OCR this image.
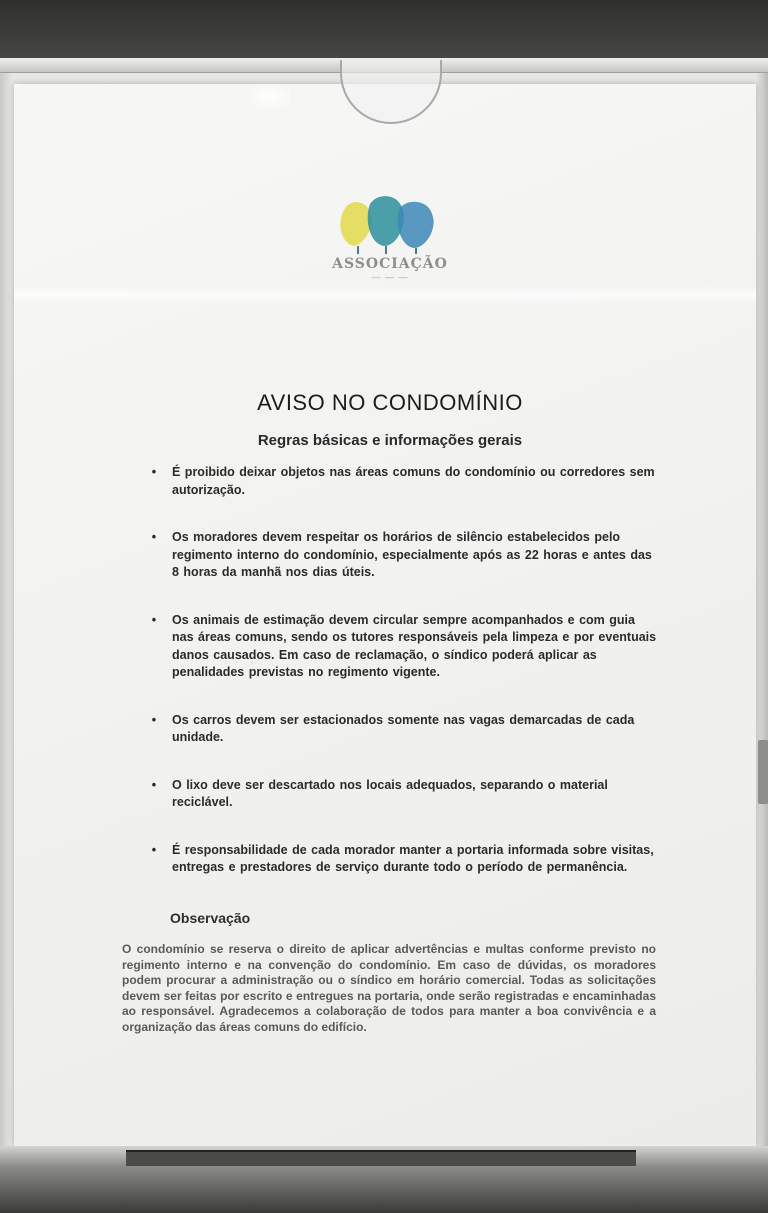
ASSOCIAÇÃO
— — —
AVISO NO CONDOMÍNIO
Regras básicas e informações gerais
•	É proibido deixar objetos nas áreas comuns do condomínio ou corredores sem autorização.
•	Os moradores devem respeitar os horários de silêncio estabelecidos pelo regimento interno do condomínio, especialmente após as 22 horas e antes das 8 horas da manhã nos dias úteis.
•	Os animais de estimação devem circular sempre acompanhados e com guia nas áreas comuns, sendo os tutores responsáveis pela limpeza e por eventuais danos causados. Em caso de reclamação, o síndico poderá aplicar as penalidades previstas no regimento vigente.
•	Os carros devem ser estacionados somente nas vagas demarcadas de cada unidade.
•	O lixo deve ser descartado nos locais adequados, separando o material reciclável.
•	É responsabilidade de cada morador manter a portaria informada sobre visitas, entregas e prestadores de serviço durante todo o período de permanência.
Observação
O condomínio se reserva o direito de aplicar advertências e multas conforme previsto no regimento interno e na convenção do condomínio. Em caso de dúvidas, os moradores podem procurar a administração ou o síndico em horário comercial. Todas as solicitações devem ser feitas por escrito e entregues na portaria, onde serão registradas e encaminhadas ao responsável. Agradecemos a colaboração de todos para manter a boa convivência e a organização das áreas comuns do edifício.
